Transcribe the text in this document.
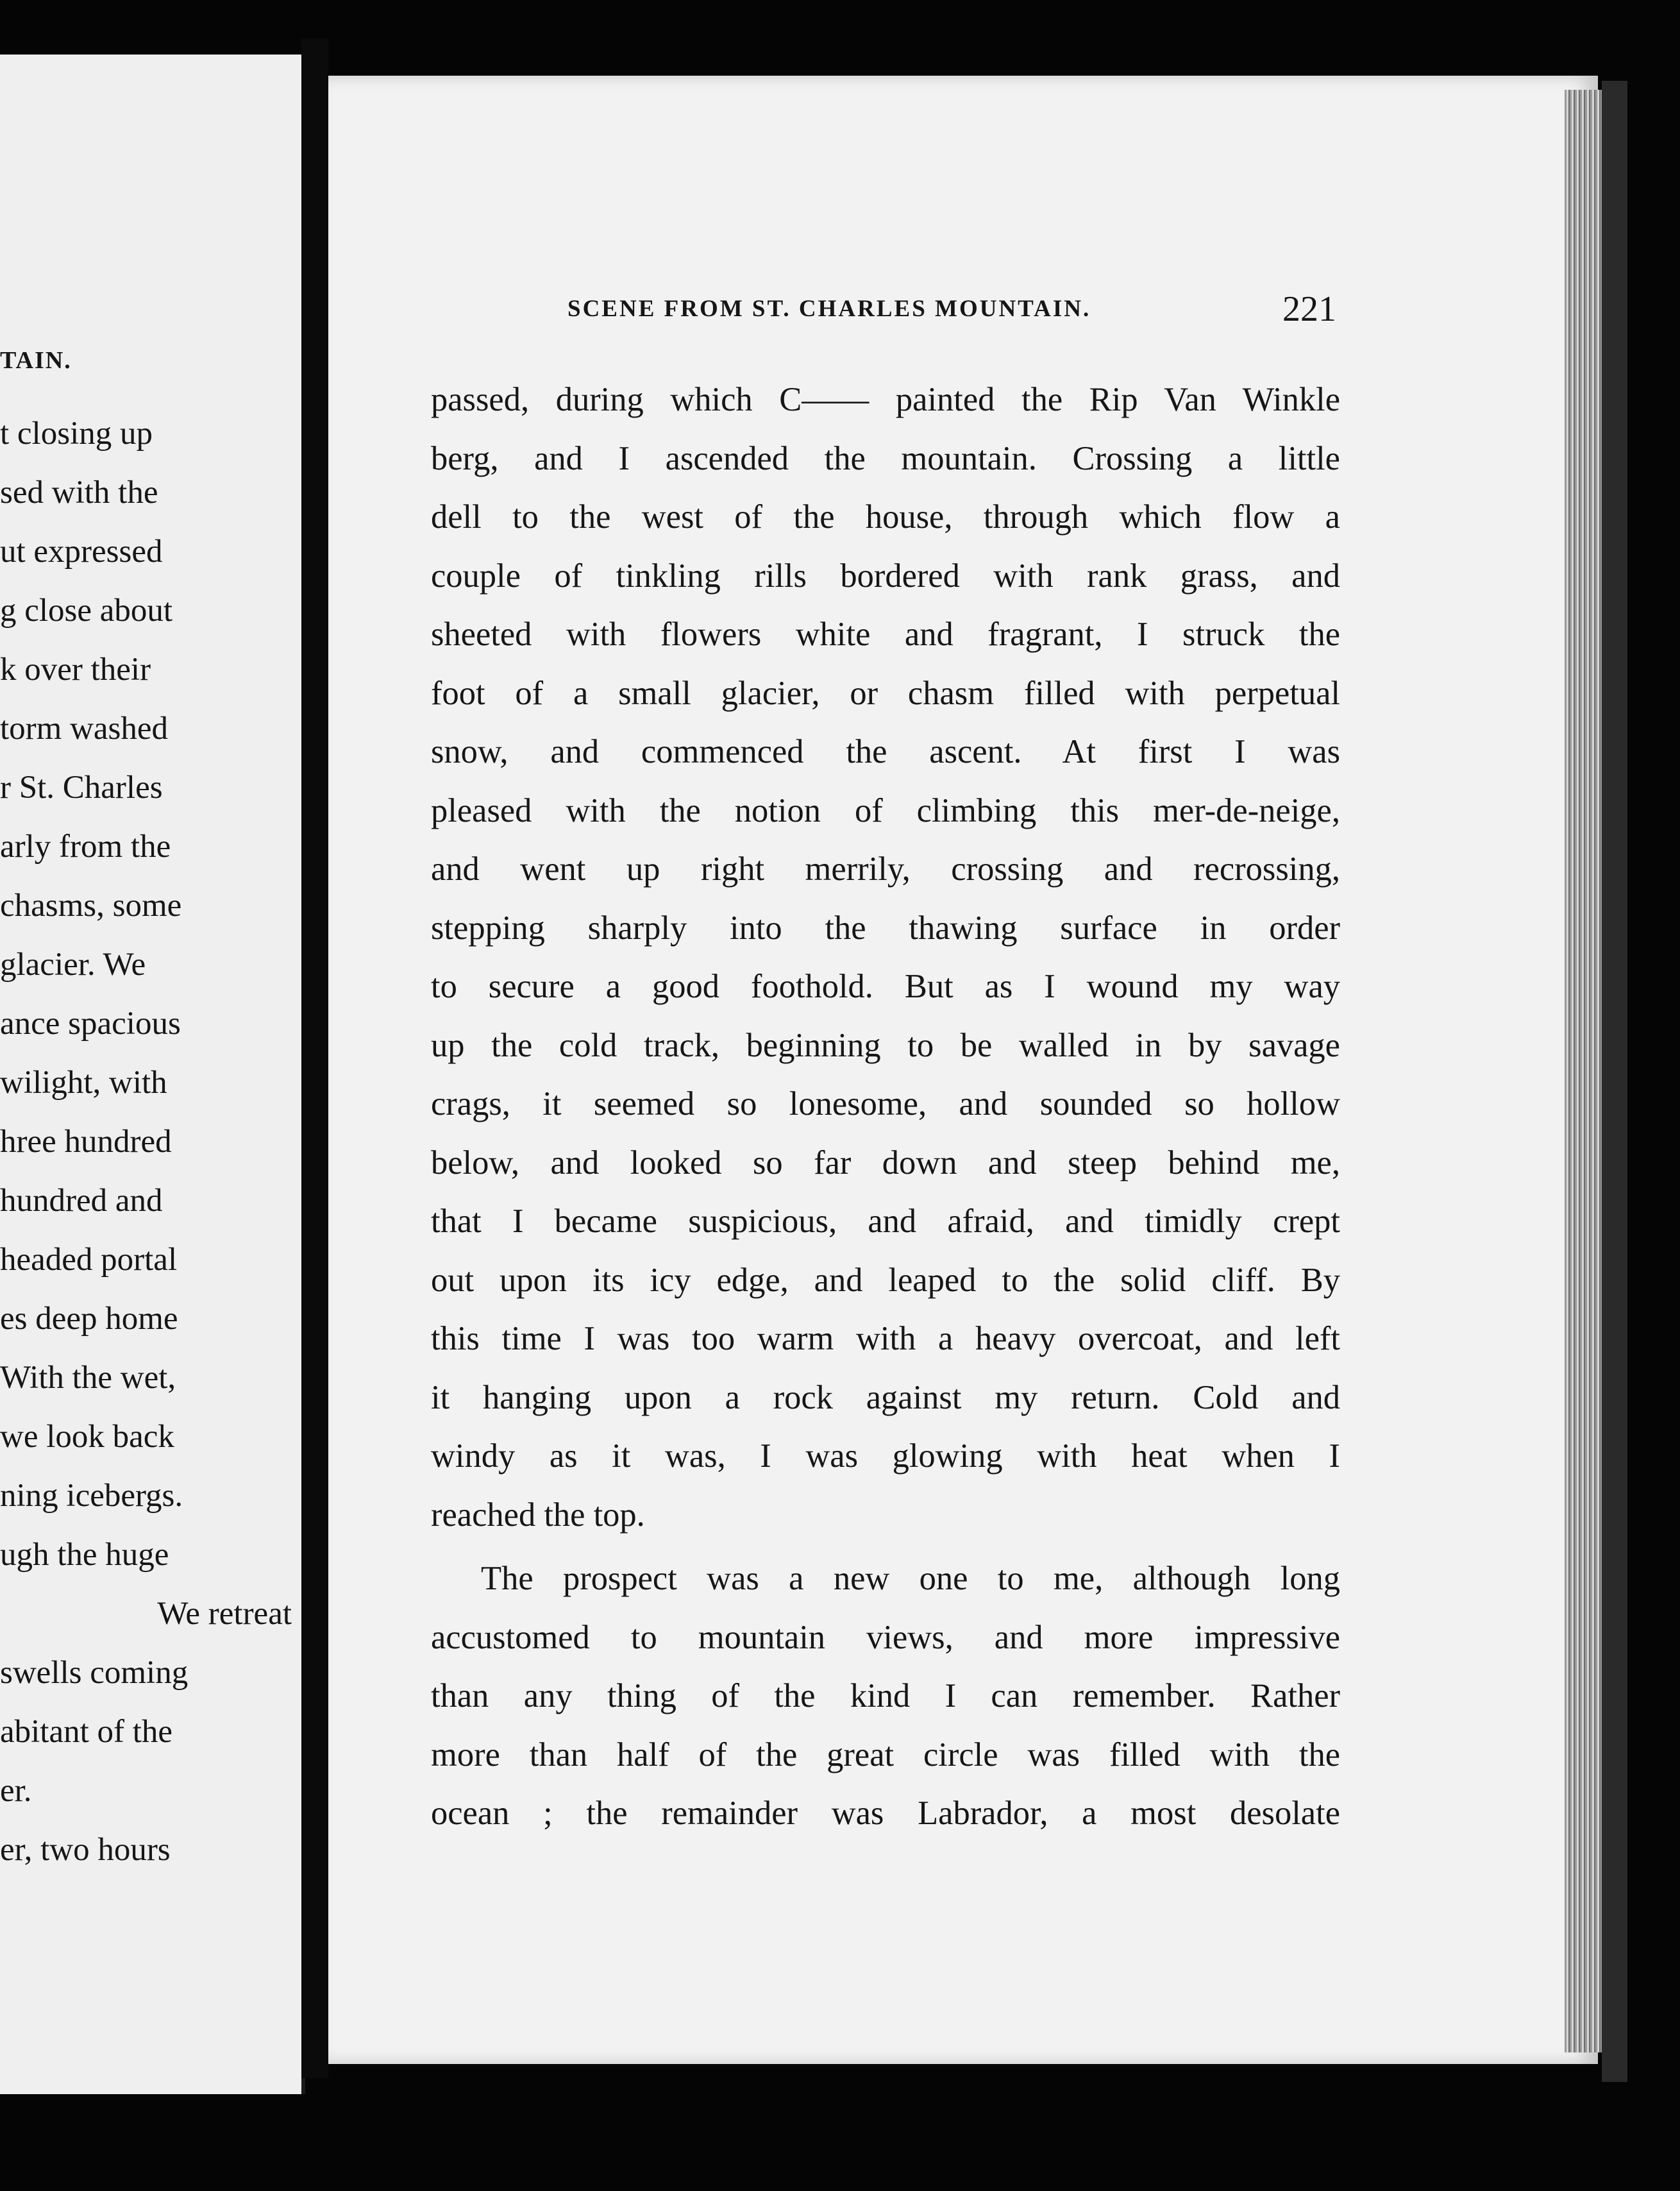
TAIN.
t closing up
sed with the
ut expressed
g close about
k over their
torm washed
r St. Charles
arly from the
chasms, some
glacier. We
ance spacious
wilight, with
hree hundred
hundred and
headed portal
es deep home
With the wet,
we look back
ning icebergs.
ugh the huge
We retreat
swells coming
abitant of the
er.
er, two hours
SCENE FROM ST. CHARLES MOUNTAIN.	221
passed, during which C—— painted the Rip Van Winkle
berg, and I ascended the mountain. Crossing a little
dell to the west of the house, through which flow a
couple of tinkling rills bordered with rank grass, and
sheeted with flowers white and fragrant, I struck the
foot of a small glacier, or chasm filled with perpetual
snow, and commenced the ascent. At first I was
pleased with the notion of climbing this mer-de-neige,
and went up right merrily, crossing and recrossing,
stepping sharply into the thawing surface in order
to secure a good foothold. But as I wound my way
up the cold track, beginning to be walled in by savage
crags, it seemed so lonesome, and sounded so hollow
below, and looked so far down and steep behind me,
that I became suspicious, and afraid, and timidly crept
out upon its icy edge, and leaped to the solid cliff. By
this time I was too warm with a heavy overcoat, and left
it hanging upon a rock against my return. Cold and
windy as it was, I was glowing with heat when I
reached the top.
The prospect was a new one to me, although long
accustomed to mountain views, and more impressive
than any thing of the kind I can remember. Rather
more than half of the great circle was filled with the
ocean ; the remainder was Labrador, a most desolate
